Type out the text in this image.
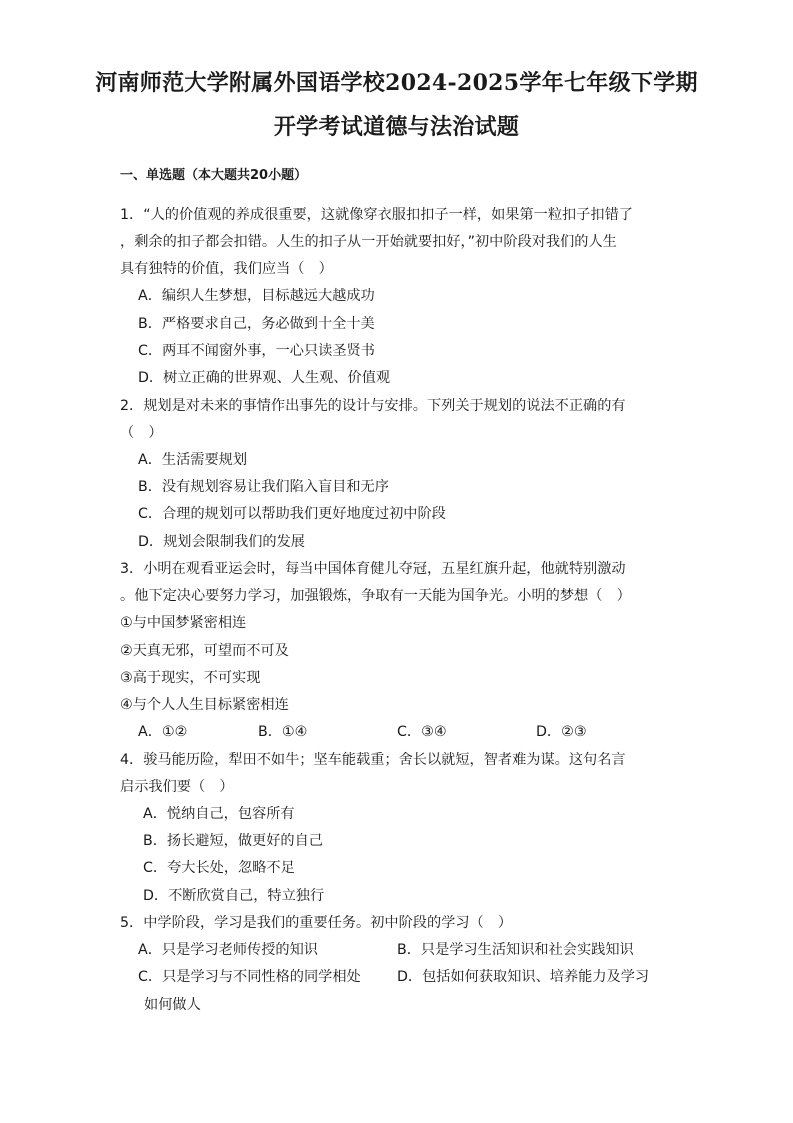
河南师范大学附属外国语学校2024-2025学年七年级下学期
开学考试道德与法治试题
一、单选题（本大题共20小题）
1．“人的价值观的养成很重要，这就像穿衣服扣扣子一样，如果第一粒扣子扣错了
，剩余的扣子都会扣错。人生的扣子从一开始就要扣好，”初中阶段对我们的人生
具有独特的价值，我们应当（　）
A．编织人生梦想，目标越远大越成功
B．严格要求自己，务必做到十全十美
C．两耳不闻窗外事，一心只读圣贤书
D．树立正确的世界观、人生观、价值观
2．规划是对未来的事情作出事先的设计与安排。下列关于规划的说法不正确的有
（　）
A．生活需要规划
B．没有规划容易让我们陷入盲目和无序
C．合理的规划可以帮助我们更好地度过初中阶段
D．规划会限制我们的发展
3．小明在观看亚运会时，每当中国体育健儿夺冠，五星红旗升起，他就特别激动
。他下定决心要努力学习，加强锻炼，争取有一天能为国争光。小明的梦想（　）
①与中国梦紧密相连
②天真无邪，可望而不可及
③高于现实，不可实现
④与个人人生目标紧密相连
A．①②	B．①④	C．③④	D．②③
4．骏马能历险，犁田不如牛；坚车能载重；舍长以就短，智者难为谋。这句名言
启示我们要（　）
A．悦纳自己，包容所有
B．扬长避短，做更好的自己
C．夸大长处，忽略不足
D．不断欣赏自己，特立独行
5．中学阶段，学习是我们的重要任务。初中阶段的学习（　）
A．只是学习老师传授的知识	B．只是学习生活知识和社会实践知识
C．只是学习与不同性格的同学相处	D．包括如何获取知识、培养能力及学习
如何做人
